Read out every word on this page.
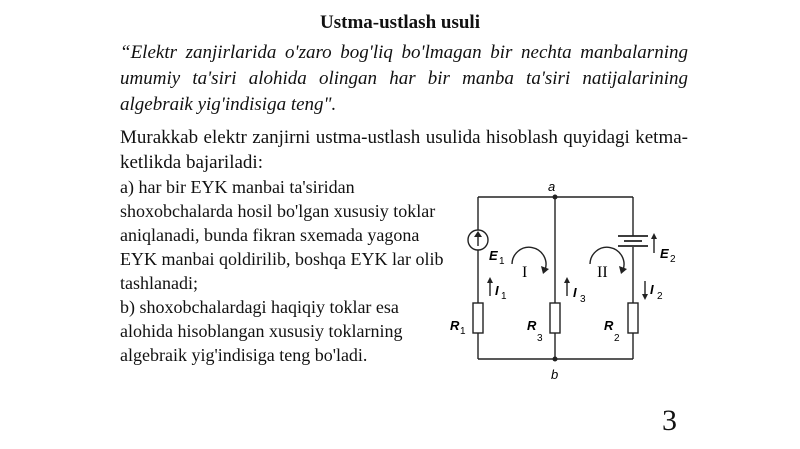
Ustma-ustlash usuli
“Elektr zanjirlarida o'zaro bog'liq bo'lmagan bir nechta manbalarning umumiy ta'siri alohida olingan har bir manba ta'siri natijalarining algebraik yig'indisiga teng".
Murakkab elektr zanjirni ustma-ustlash usulida hisoblash quyidagi ketma-ketlikda bajariladi:

a) har bir EYK manbai ta'siridan shoxobchalarda hosil bo'lgan xususiy toklar aniqlanadi, bunda fikran sxemada yagona EYK manbai qoldirilib, boshqa EYK lar olib tashlanadi;

b) shoxobchalardagi haqiqiy toklar esa alohida hisoblangan xususiy toklarning algebraik yig'indisiga teng bo'ladi.

a
b
E 1
E 2
I 1	I 3
I 2
R 1	R
3
R
2
I	II
3
